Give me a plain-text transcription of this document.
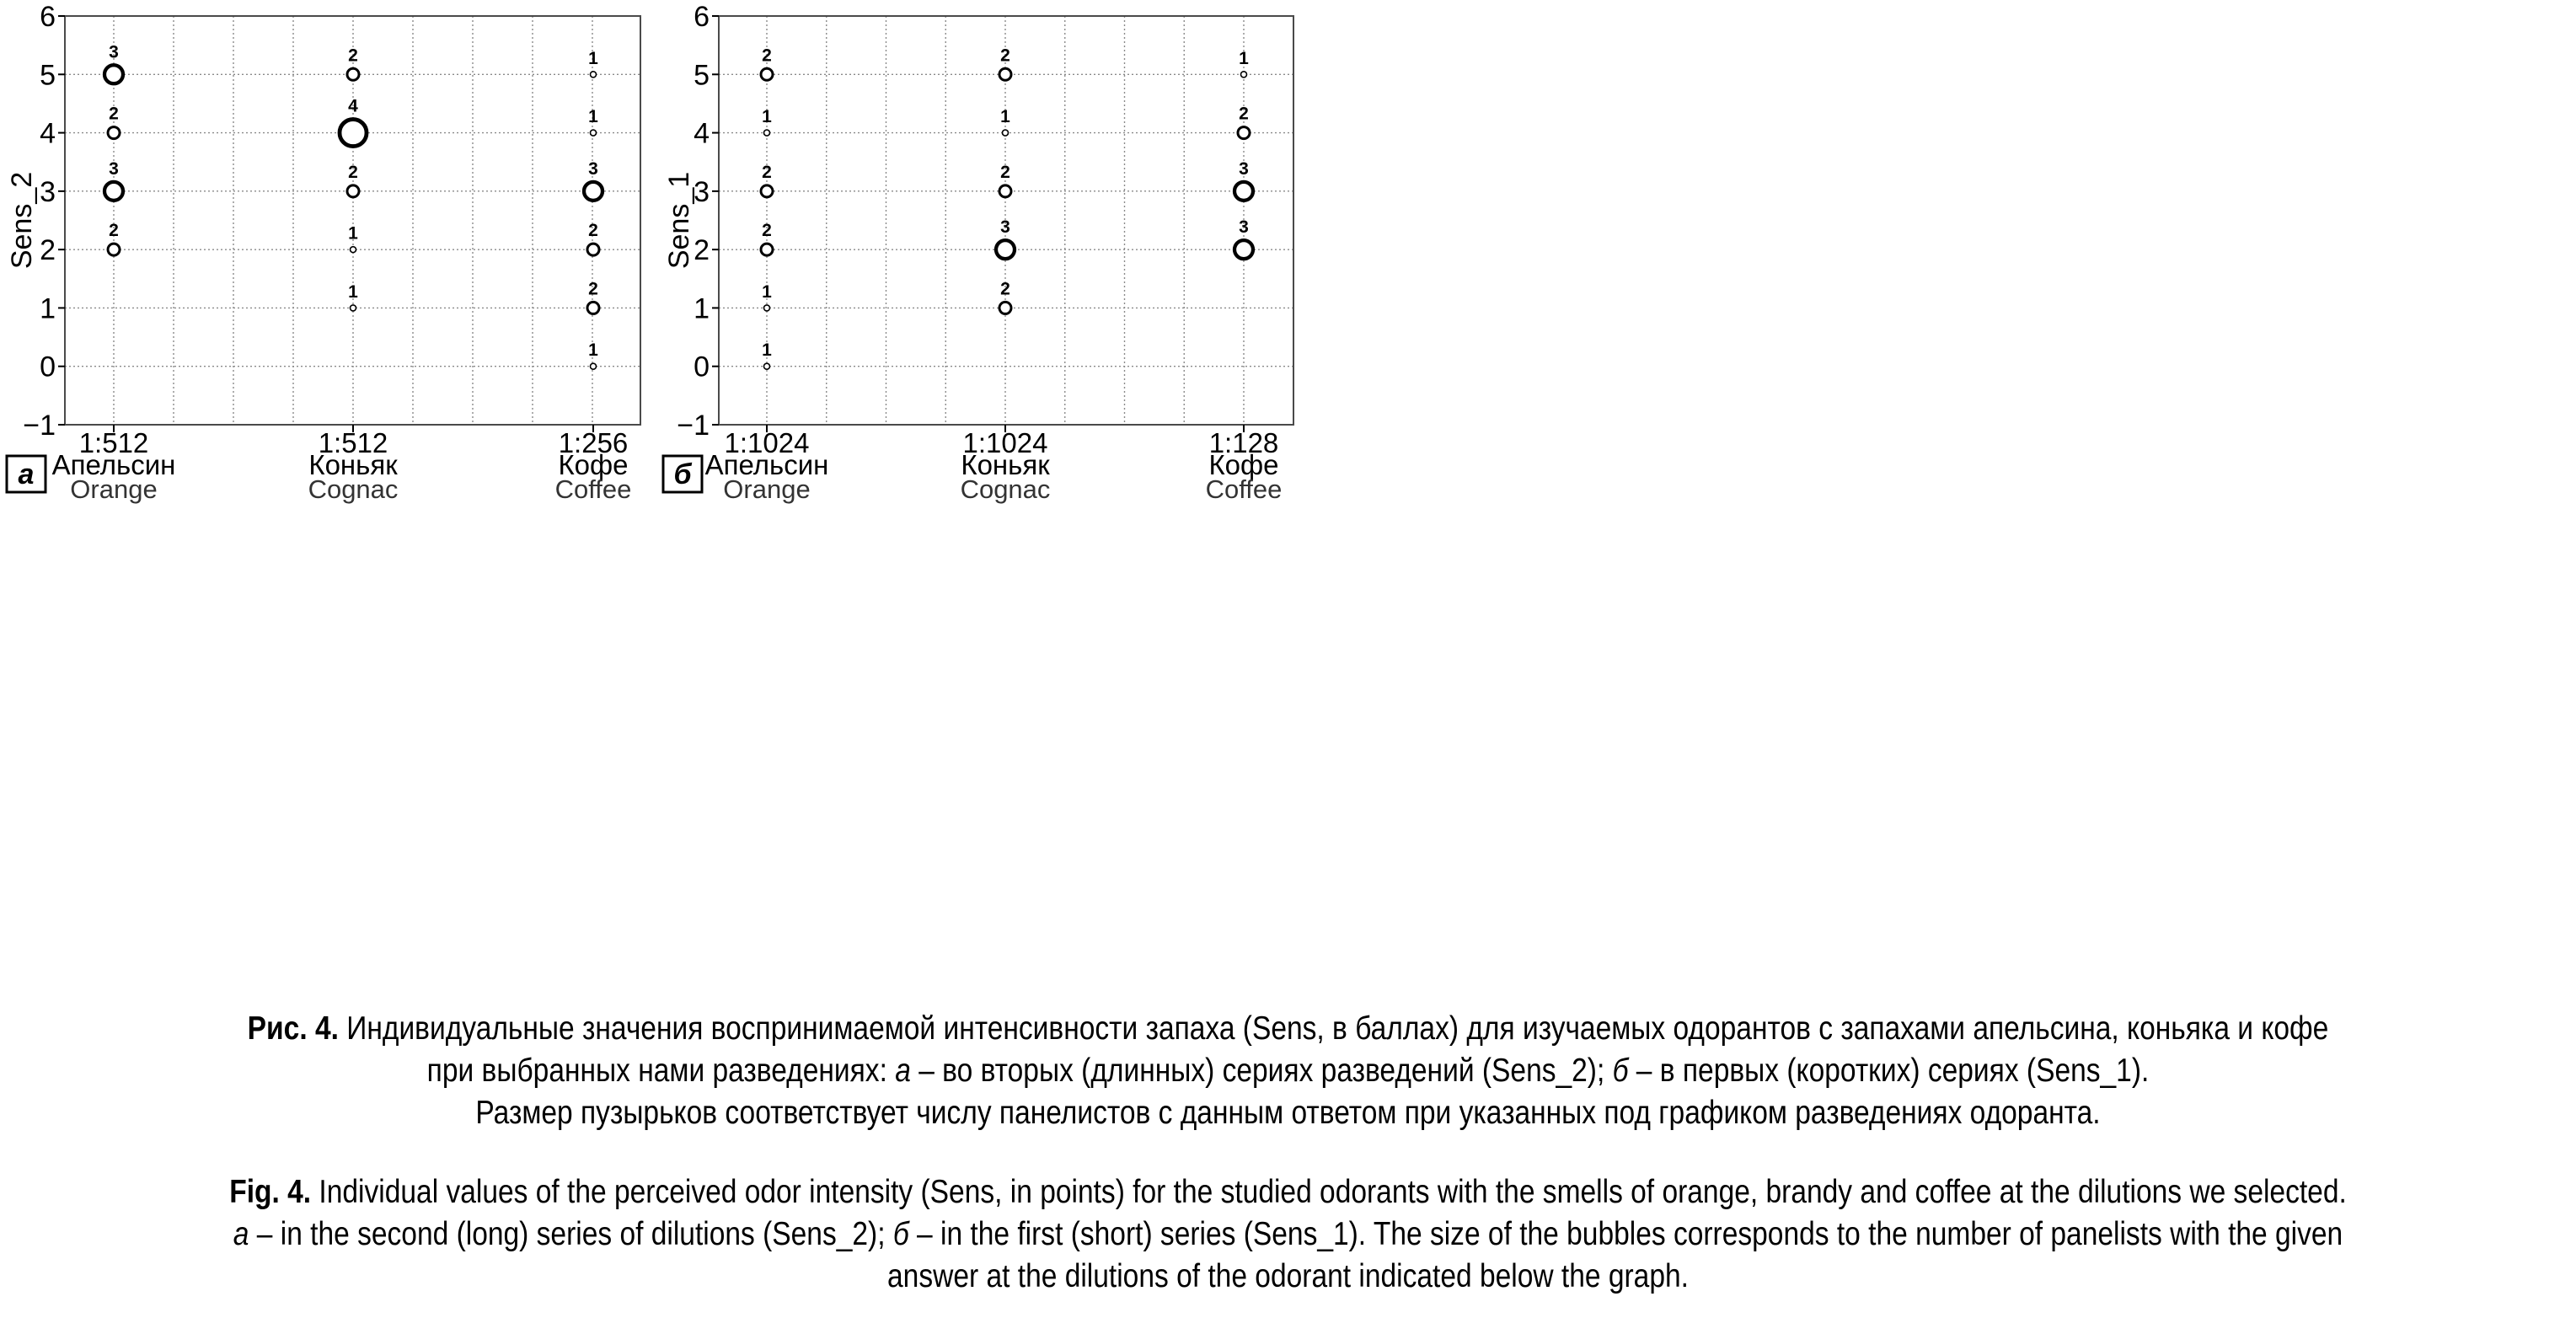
6
5
4
3
2
1
0
−1
Sens_2
1:512
Апельсин
Orange
1:512
Коньяк
Cognac
1:256
Кофе
Coffee
а
3
2
3
2
2
4
2
1
1
1
1
3
2
2
1
6
5
4
3
2
1
0
−1
Sens_1
1:1024
Апельсин
Orange
1:1024
Коньяк
Cognac
1:128
Кофе
Coffee
б
2
1
2
2
1
1
2
1
2
3
2
1
2
3
3
Рис. 4. Индивидуальные значения воспринимаемой интенсивности запаха (Sens, в баллах) для изучаемых одорантов с запахами апельсина, коньяка и кофе
при выбранных нами разведениях: а – во вторых (длинных) сериях разведений (Sens_2); б – в первых (коротких) сериях (Sens_1).
Размер пузырьков соответствует числу панелистов с данным ответом при указанных под графиком разведениях одоранта.
Fig. 4. Individual values of the perceived odor intensity (Sens, in points) for the studied odorants with the smells of orange, brandy and coffee at the dilutions we selected.
a – in the second (long) series of dilutions (Sens_2); б – in the first (short) series (Sens_1). The size of the bubbles corresponds to the number of panelists with the given
answer at the dilutions of the odorant indicated below the graph.
